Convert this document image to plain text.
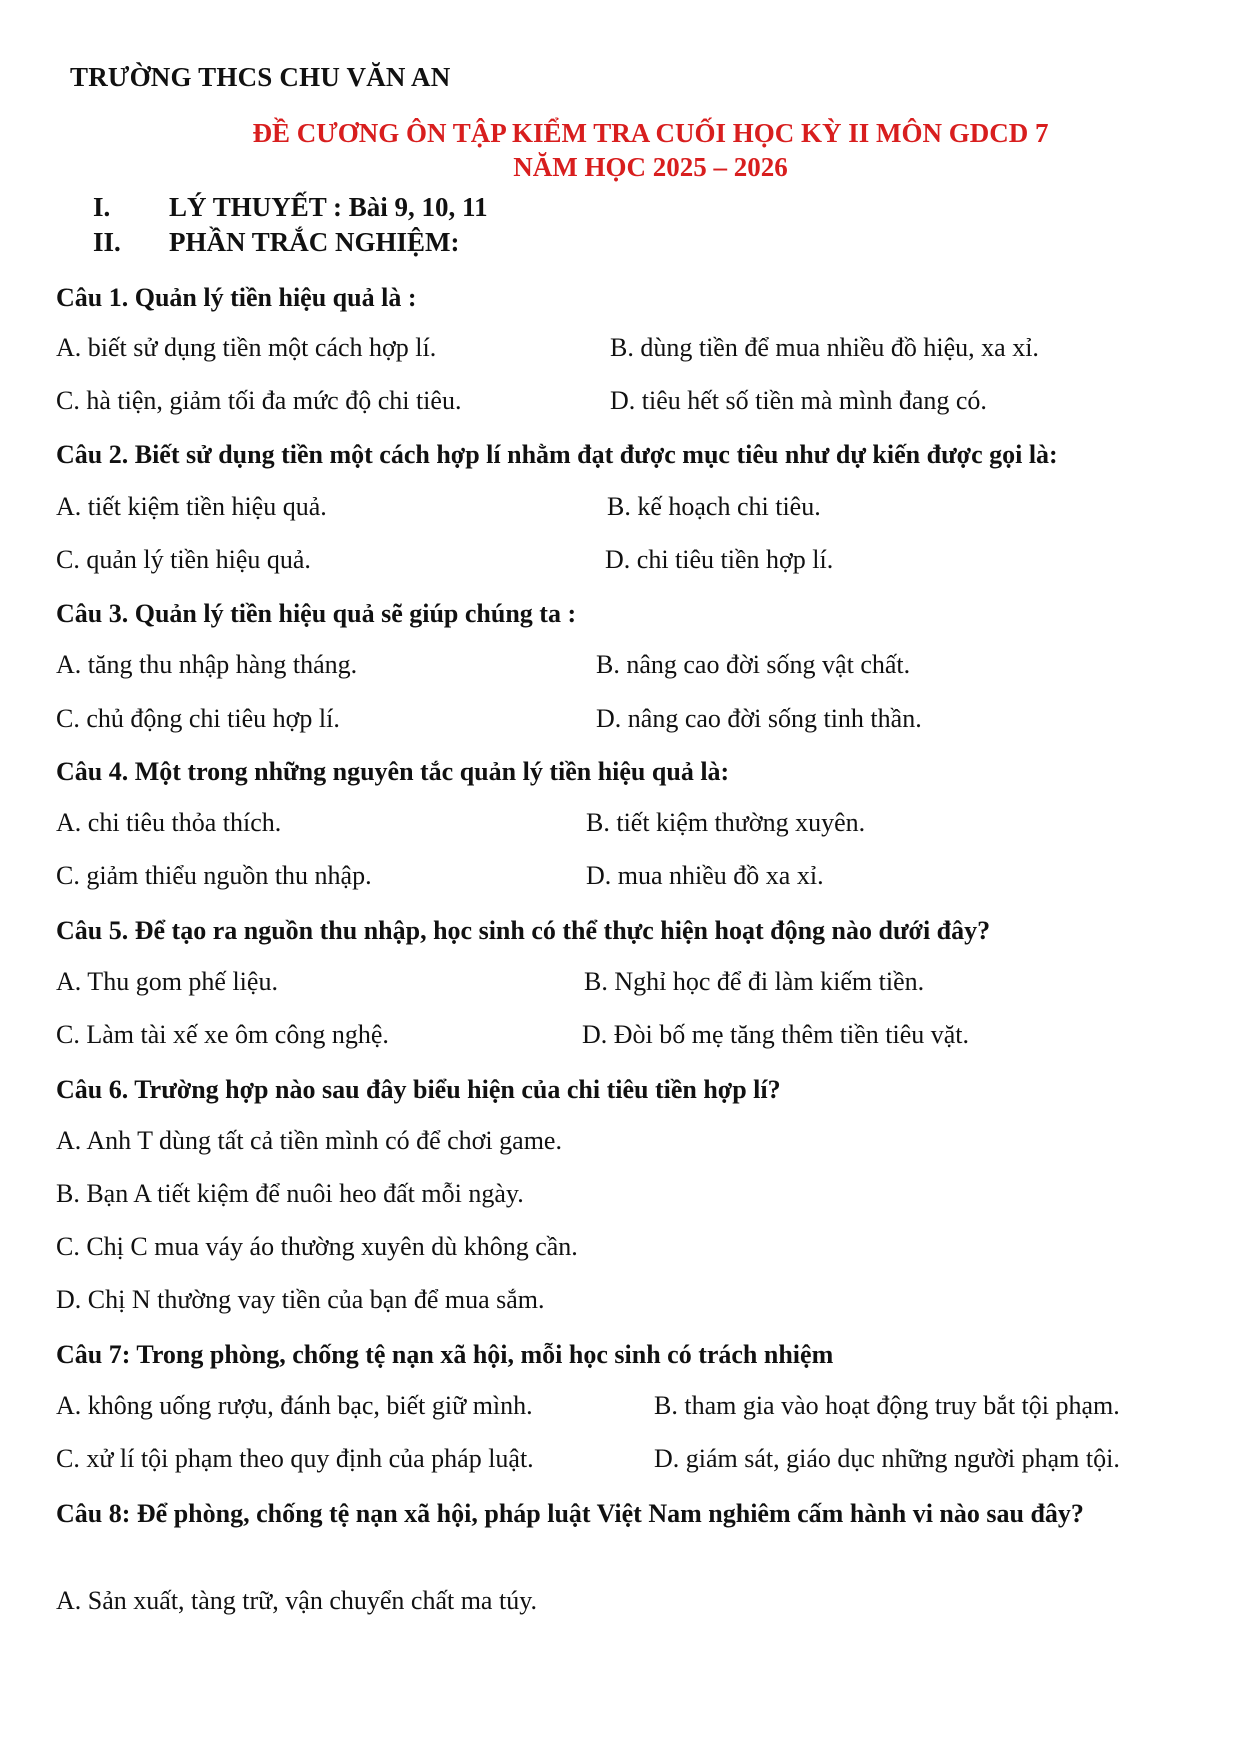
TRƯỜNG THCS CHU VĂN AN
ĐỀ CƯƠNG ÔN TẬP KIỂM TRA CUỐI HỌC KỲ II MÔN GDCD 7
NĂM HỌC 2025 – 2026
I. LÝ THUYẾT : Bài 9, 10, 11
II. PHẦN TRẮC NGHIỆM:
Câu 1. Quản lý tiền hiệu quả là :
A. biết sử dụng tiền một cách hợp lí.	B. dùng tiền để mua nhiều đồ hiệu, xa xỉ.
C. hà tiện, giảm tối đa mức độ chi tiêu.	D. tiêu hết số tiền mà mình đang có.
Câu 2. Biết sử dụng tiền một cách hợp lí nhằm đạt được mục tiêu như dự kiến được gọi là:
A. tiết kiệm tiền hiệu quả.	B. kế hoạch chi tiêu.
C. quản lý tiền hiệu quả.	D. chi tiêu tiền hợp lí.
Câu 3. Quản lý tiền hiệu quả sẽ giúp chúng ta :
A. tăng thu nhập hàng tháng.	B. nâng cao đời sống vật chất.
C. chủ động chi tiêu hợp lí.	D. nâng cao đời sống tinh thần.
Câu 4. Một trong những nguyên tắc quản lý tiền hiệu quả là:
A. chi tiêu thỏa thích.	B. tiết kiệm thường xuyên.
C. giảm thiểu nguồn thu nhập.	D. mua nhiều đồ xa xỉ.
Câu 5. Để tạo ra nguồn thu nhập, học sinh có thể thực hiện hoạt động nào dưới đây?
A. Thu gom phế liệu.	B. Nghỉ học để đi làm kiếm tiền.
C. Làm tài xế xe ôm công nghệ.	D. Đòi bố mẹ tăng thêm tiền tiêu vặt.
Câu 6. Trường hợp nào sau đây biểu hiện của chi tiêu tiền hợp lí?
A. Anh T dùng tất cả tiền mình có để chơi game.
B. Bạn A tiết kiệm để nuôi heo đất mỗi ngày.
C. Chị C mua váy áo thường xuyên dù không cần.
D. Chị N thường vay tiền của bạn để mua sắm.
Câu 7: Trong phòng, chống tệ nạn xã hội, mỗi học sinh có trách nhiệm
A. không uống rượu, đánh bạc, biết giữ mình.	B. tham gia vào hoạt động truy bắt tội phạm.
C. xử lí tội phạm theo quy định của pháp luật.	D. giám sát, giáo dục những người phạm tội.
Câu 8: Để phòng, chống tệ nạn xã hội, pháp luật Việt Nam nghiêm cấm hành vi nào sau đây?
A. Sản xuất, tàng trữ, vận chuyển chất ma túy.
